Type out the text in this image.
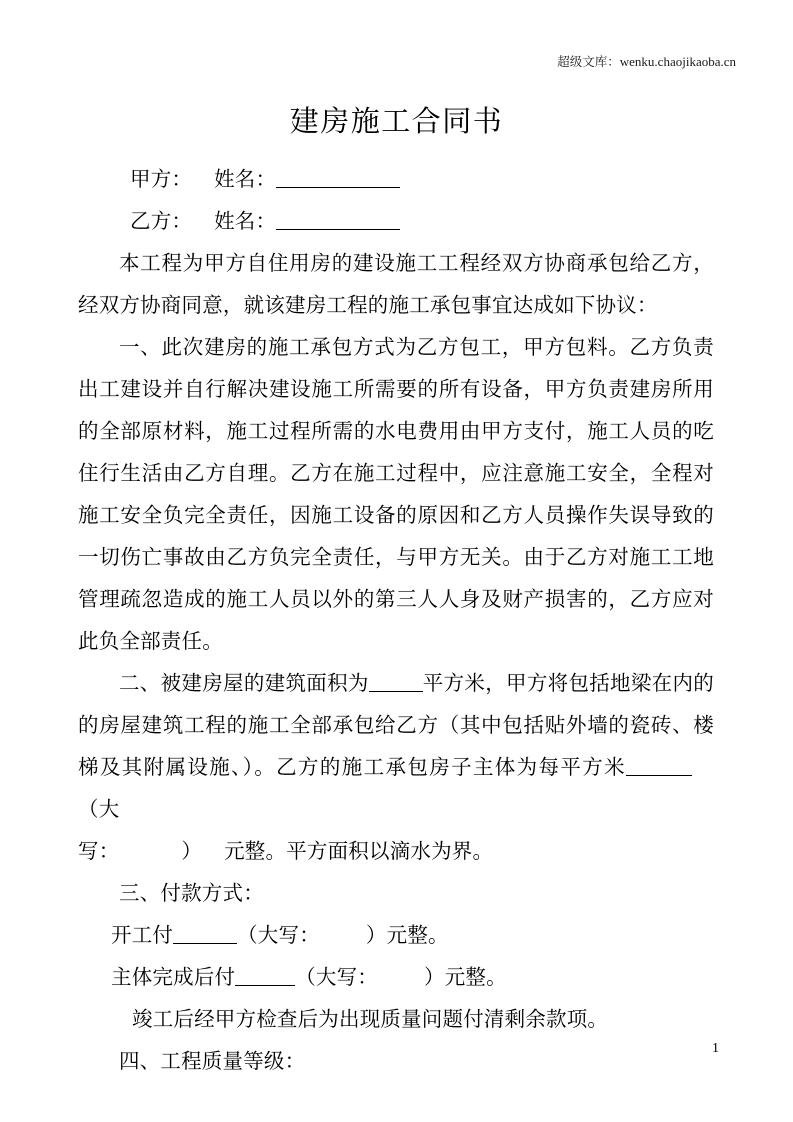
超级文库：wenku.chaojikaoba.cn
建房施工合同书

甲方： 姓名：

乙方： 姓名：

本工程为甲方自住用房的建设施工工程经双方协商承包给乙方，经双方协商同意，就该建房工程的施工承包事宜达成如下协议：

一、此次建房的施工承包方式为乙方包工，甲方包料。乙方负责出工建设并自行解决建设施工所需要的所有设备，甲方负责建房所用的全部原材料，施工过程所需的水电费用由甲方支付，施工人员的吃住行生活由乙方自理。乙方在施工过程中，应注意施工安全，全程对施工安全负完全责任，因施工设备的原因和乙方人员操作失误导致的一切伤亡事故由乙方负完全责任，与甲方无关。由于乙方对施工工地管理疏忽造成的施工人员以外的第三人人身及财产损害的，乙方应对此负全部责任。

二、被建房屋的建筑面积为	平方米，甲方将包括地梁在内的的房屋建筑工程的施工全部承包给乙方（其中包括贴外墙的瓷砖、楼梯及其附属设施、）。乙方的施工承包房子主体为每平方米（大

写：	） 元整。平方面积以滴水为界。

三、付款方式：

开工付	（大写： ）元整。

主体完成后付	（大写： ）元整。

竣工后经甲方检查后为出现质量问题付清剩余款项。

四、工程质量等级：

1
